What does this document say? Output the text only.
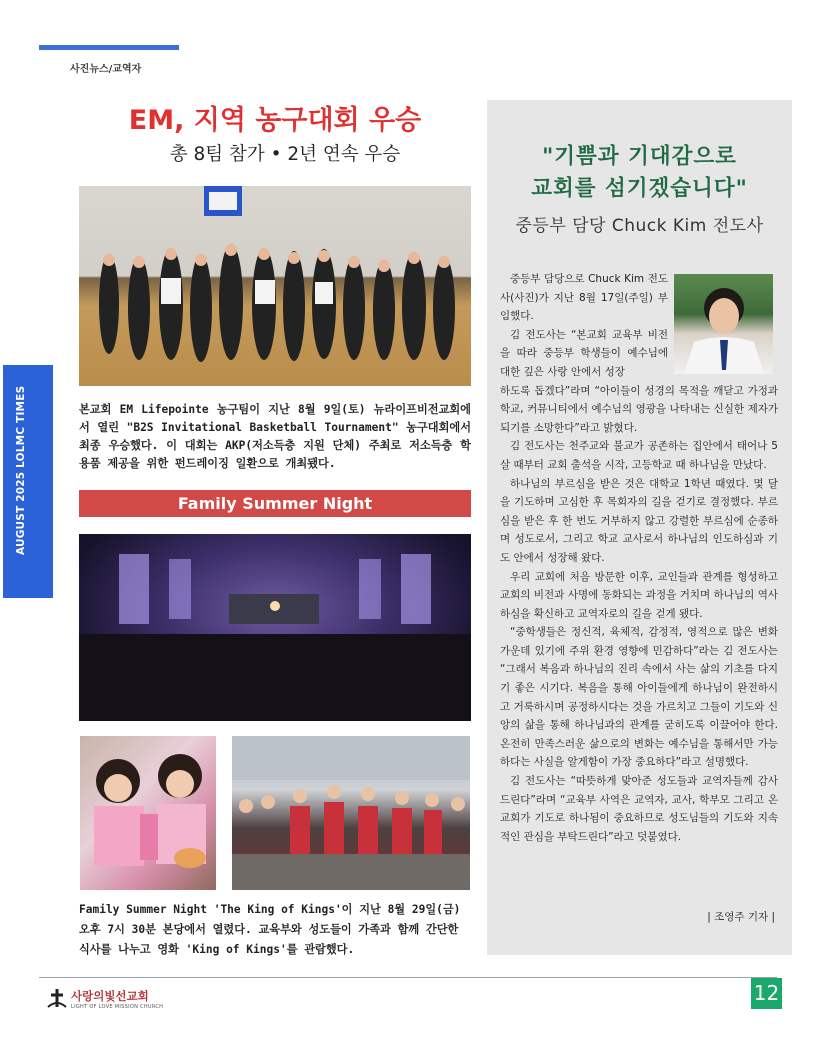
사진뉴스/교역자
AUGUST 2025 LOLMC TIMES
EM, 지역 농구대회 우승
총 8팀 참가 • 2년 연속 우승
본교회 EM Lifepointe 농구팀이 지난 8월 9일(토) 뉴라이프비전교회에서 열린 "B2S Invitational Basketball Tournament" 농구대회에서 최종 우승했다. 이 대회는 AKP(저소득층 지원 단체) 주최로 저소득층 학용품 제공을 위한 펀드레이징 일환으로 개최됐다.
Family Summer Night
Family Summer Night 'The King of Kings'이 지난 8월 29일(금) 오후 7시 30분 본당에서 열렸다. 교육부와 성도들이 가족과 함께 간단한 식사를 나누고 영화 'King of Kings'를 관람했다.
"기쁨과 기대감으로
교회를 섬기겠습니다"
중등부 담당 Chuck Kim 전도사

중등부 담당으로 Chuck Kim 전도사(사진)가 지난 8월 17일(주일) 부임했다.

김 전도사는 “본교회 교육부 비전을 따라 중등부 학생들이 예수님에 대한 깊은 사랑 안에서 성장

하도록 돕겠다”라며 “아이들이 성경의 목적을 깨닫고 가정과 학교, 커뮤니티에서 예수님의 영광을 나타내는 신실한 제자가 되기를 소망한다”라고 밝혔다.

김 전도사는 천주교와 불교가 공존하는 집안에서 태어나 5살 때부터 교회 출석을 시작, 고등학교 때 하나님을 만났다.

하나님의 부르심을 받은 것은 대학교 1학년 때였다. 몇 달을 기도하며 고심한 후 목회자의 길을 걷기로 결정했다. 부르심을 받은 후 한 번도 거부하지 않고 강렬한 부르심에 순종하며 성도로서, 그리고 학교 교사로서 하나님의 인도하심과 기도 안에서 성장해 왔다.

우리 교회에 처음 방문한 이후, 교인들과 관계를 형성하고 교회의 비전과 사명에 동화되는 과정을 거치며 하나님의 역사하심을 확신하고 교역자로의 길을 걷게 됐다.

“중학생들은 정신적, 육체적, 감정적, 영적으로 많은 변화 가운데 있기에 주위 환경 영향에 민감하다”라는 김 전도사는 “그래서 복음과 하나님의 진리 속에서 사는 삶의 기초를 다지기 좋은 시기다. 복음을 통해 아이들에게 하나님이 완전하시고 거룩하시며 공정하시다는 것을 가르치고 그들이 기도와 신앙의 삶을 통해 하나님과의 관계를 굳히도록 이끌어야 한다. 온전히 만족스러운 삶으로의 변화는 예수님을 통해서만 가능하다는 사실을 알게함이 가장 중요하다”라고 설명했다.

김 전도사는 “따뜻하게 맞아준 성도들과 교역자들께 감사드린다”라며 “교육부 사역은 교역자, 교사, 학부모 그리고 온 교회가 기도로 하나됨이 중요하므로 성도님들의 기도와 지속적인 관심을 부탁드린다”라고 덧붙였다.

| 조영주 기자 |
사랑의빛선교회
LIGHT OF LOVE MISSION CHURCH
12
